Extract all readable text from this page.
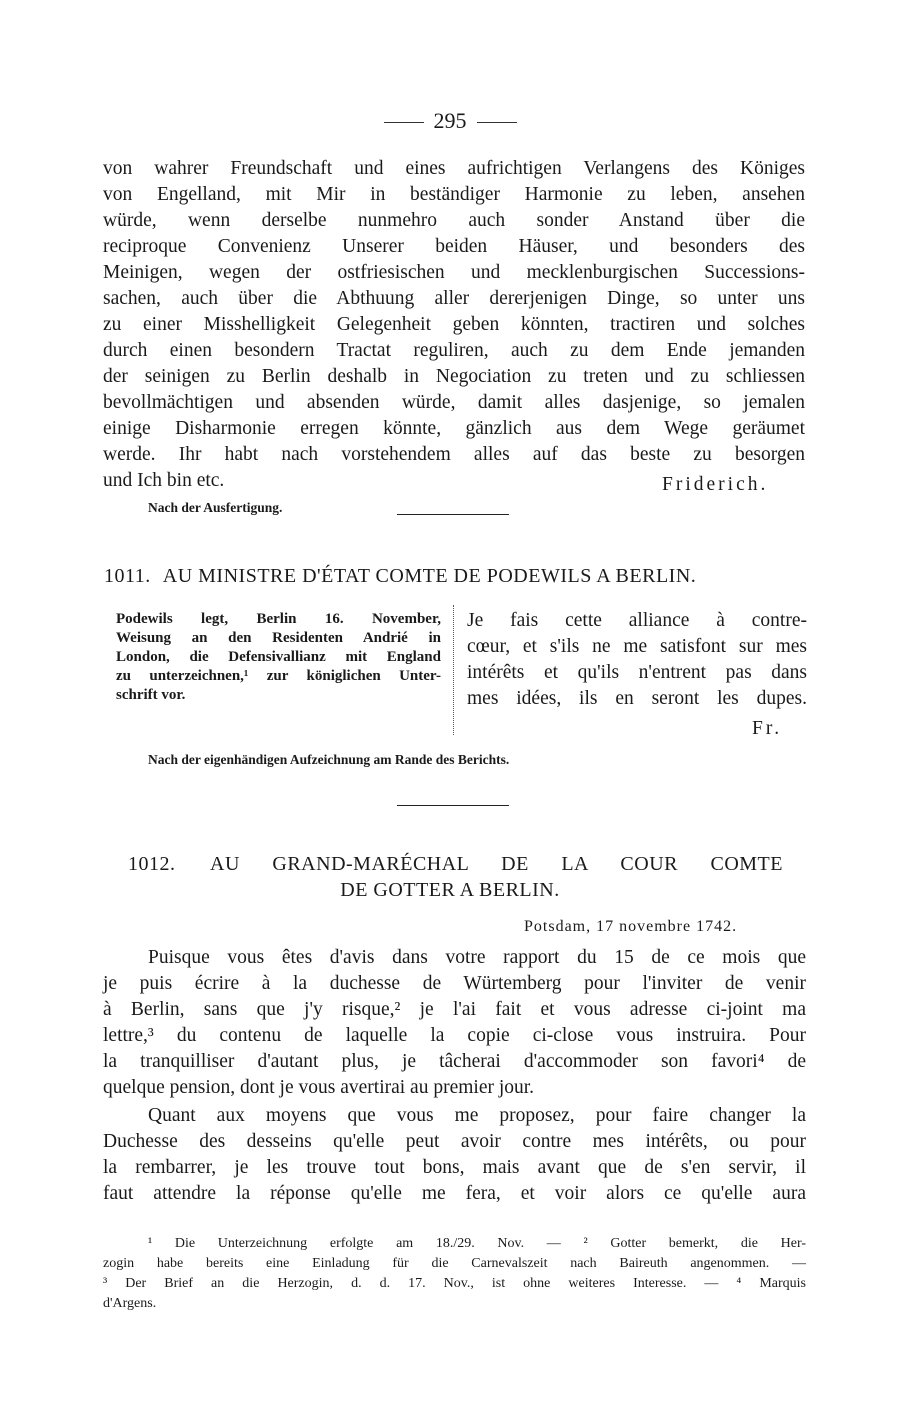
295
von wahrer Freundschaft und eines aufrichtigen Verlangens des Königes
von Engelland, mit Mir in beständiger Harmonie zu leben, ansehen
würde, wenn derselbe nunmehro auch sonder Anstand über die
reciproque Convenienz Unserer beiden Häuser, und besonders des
Meinigen, wegen der ostfriesischen und mecklenburgischen Successions-
sachen, auch über die Abthuung aller dererjenigen Dinge, so unter uns
zu einer Misshelligkeit Gelegenheit geben könnten, tractiren und solches
durch einen besondern Tractat reguliren, auch zu dem Ende jemanden
der seinigen zu Berlin deshalb in Negociation zu treten und zu schliessen
bevollmächtigen und absenden würde, damit alles dasjenige, so jemalen
einige Disharmonie erregen könnte, gänzlich aus dem Wege geräumet
werde. Ihr habt nach vorstehendem alles auf das beste zu besorgen
und Ich bin etc.	Friderich.
Nach der Ausfertigung.
1011. AU MINISTRE D'ÉTAT COMTE DE PODEWILS A BERLIN.
Podewils legt, Berlin 16. November,
Weisung an den Residenten Andrié in
London, die Defensivallianz mit England
zu unterzeichnen,¹ zur königlichen Unter-
schrift vor.
Je fais cette alliance à contre-
cœur, et s'ils ne me satisfont sur mes
intérêts et qu'ils n'entrent pas dans
mes idées, ils en seront les dupes.
Fr.
Nach der eigenhändigen Aufzeichnung am Rande des Berichts.
1012. AU GRAND-MARÉCHAL DE LA COUR COMTE
DE GOTTER A BERLIN.
Potsdam, 17 novembre 1742.
Puisque vous êtes d'avis dans votre rapport du 15 de ce mois que
je puis écrire à la duchesse de Würtemberg pour l'inviter de venir
à Berlin, sans que j'y risque,² je l'ai fait et vous adresse ci-joint ma
lettre,³ du contenu de laquelle la copie ci-close vous instruira. Pour
la tranquilliser d'autant plus, je tâcherai d'accommoder son favori⁴ de
quelque pension, dont je vous avertirai au premier jour.
Quant aux moyens que vous me proposez, pour faire changer la
Duchesse des desseins qu'elle peut avoir contre mes intérêts, ou pour
la rembarrer, je les trouve tout bons, mais avant que de s'en servir, il
faut attendre la réponse qu'elle me fera, et voir alors ce qu'elle aura
¹ Die Unterzeichnung erfolgte am 18./29. Nov. — ² Gotter bemerkt, die Her-
zogin habe bereits eine Einladung für die Carnevalszeit nach Baireuth angenommen. —
³ Der Brief an die Herzogin, d. d. 17. Nov., ist ohne weiteres Interesse. — ⁴ Marquis
d'Argens.
